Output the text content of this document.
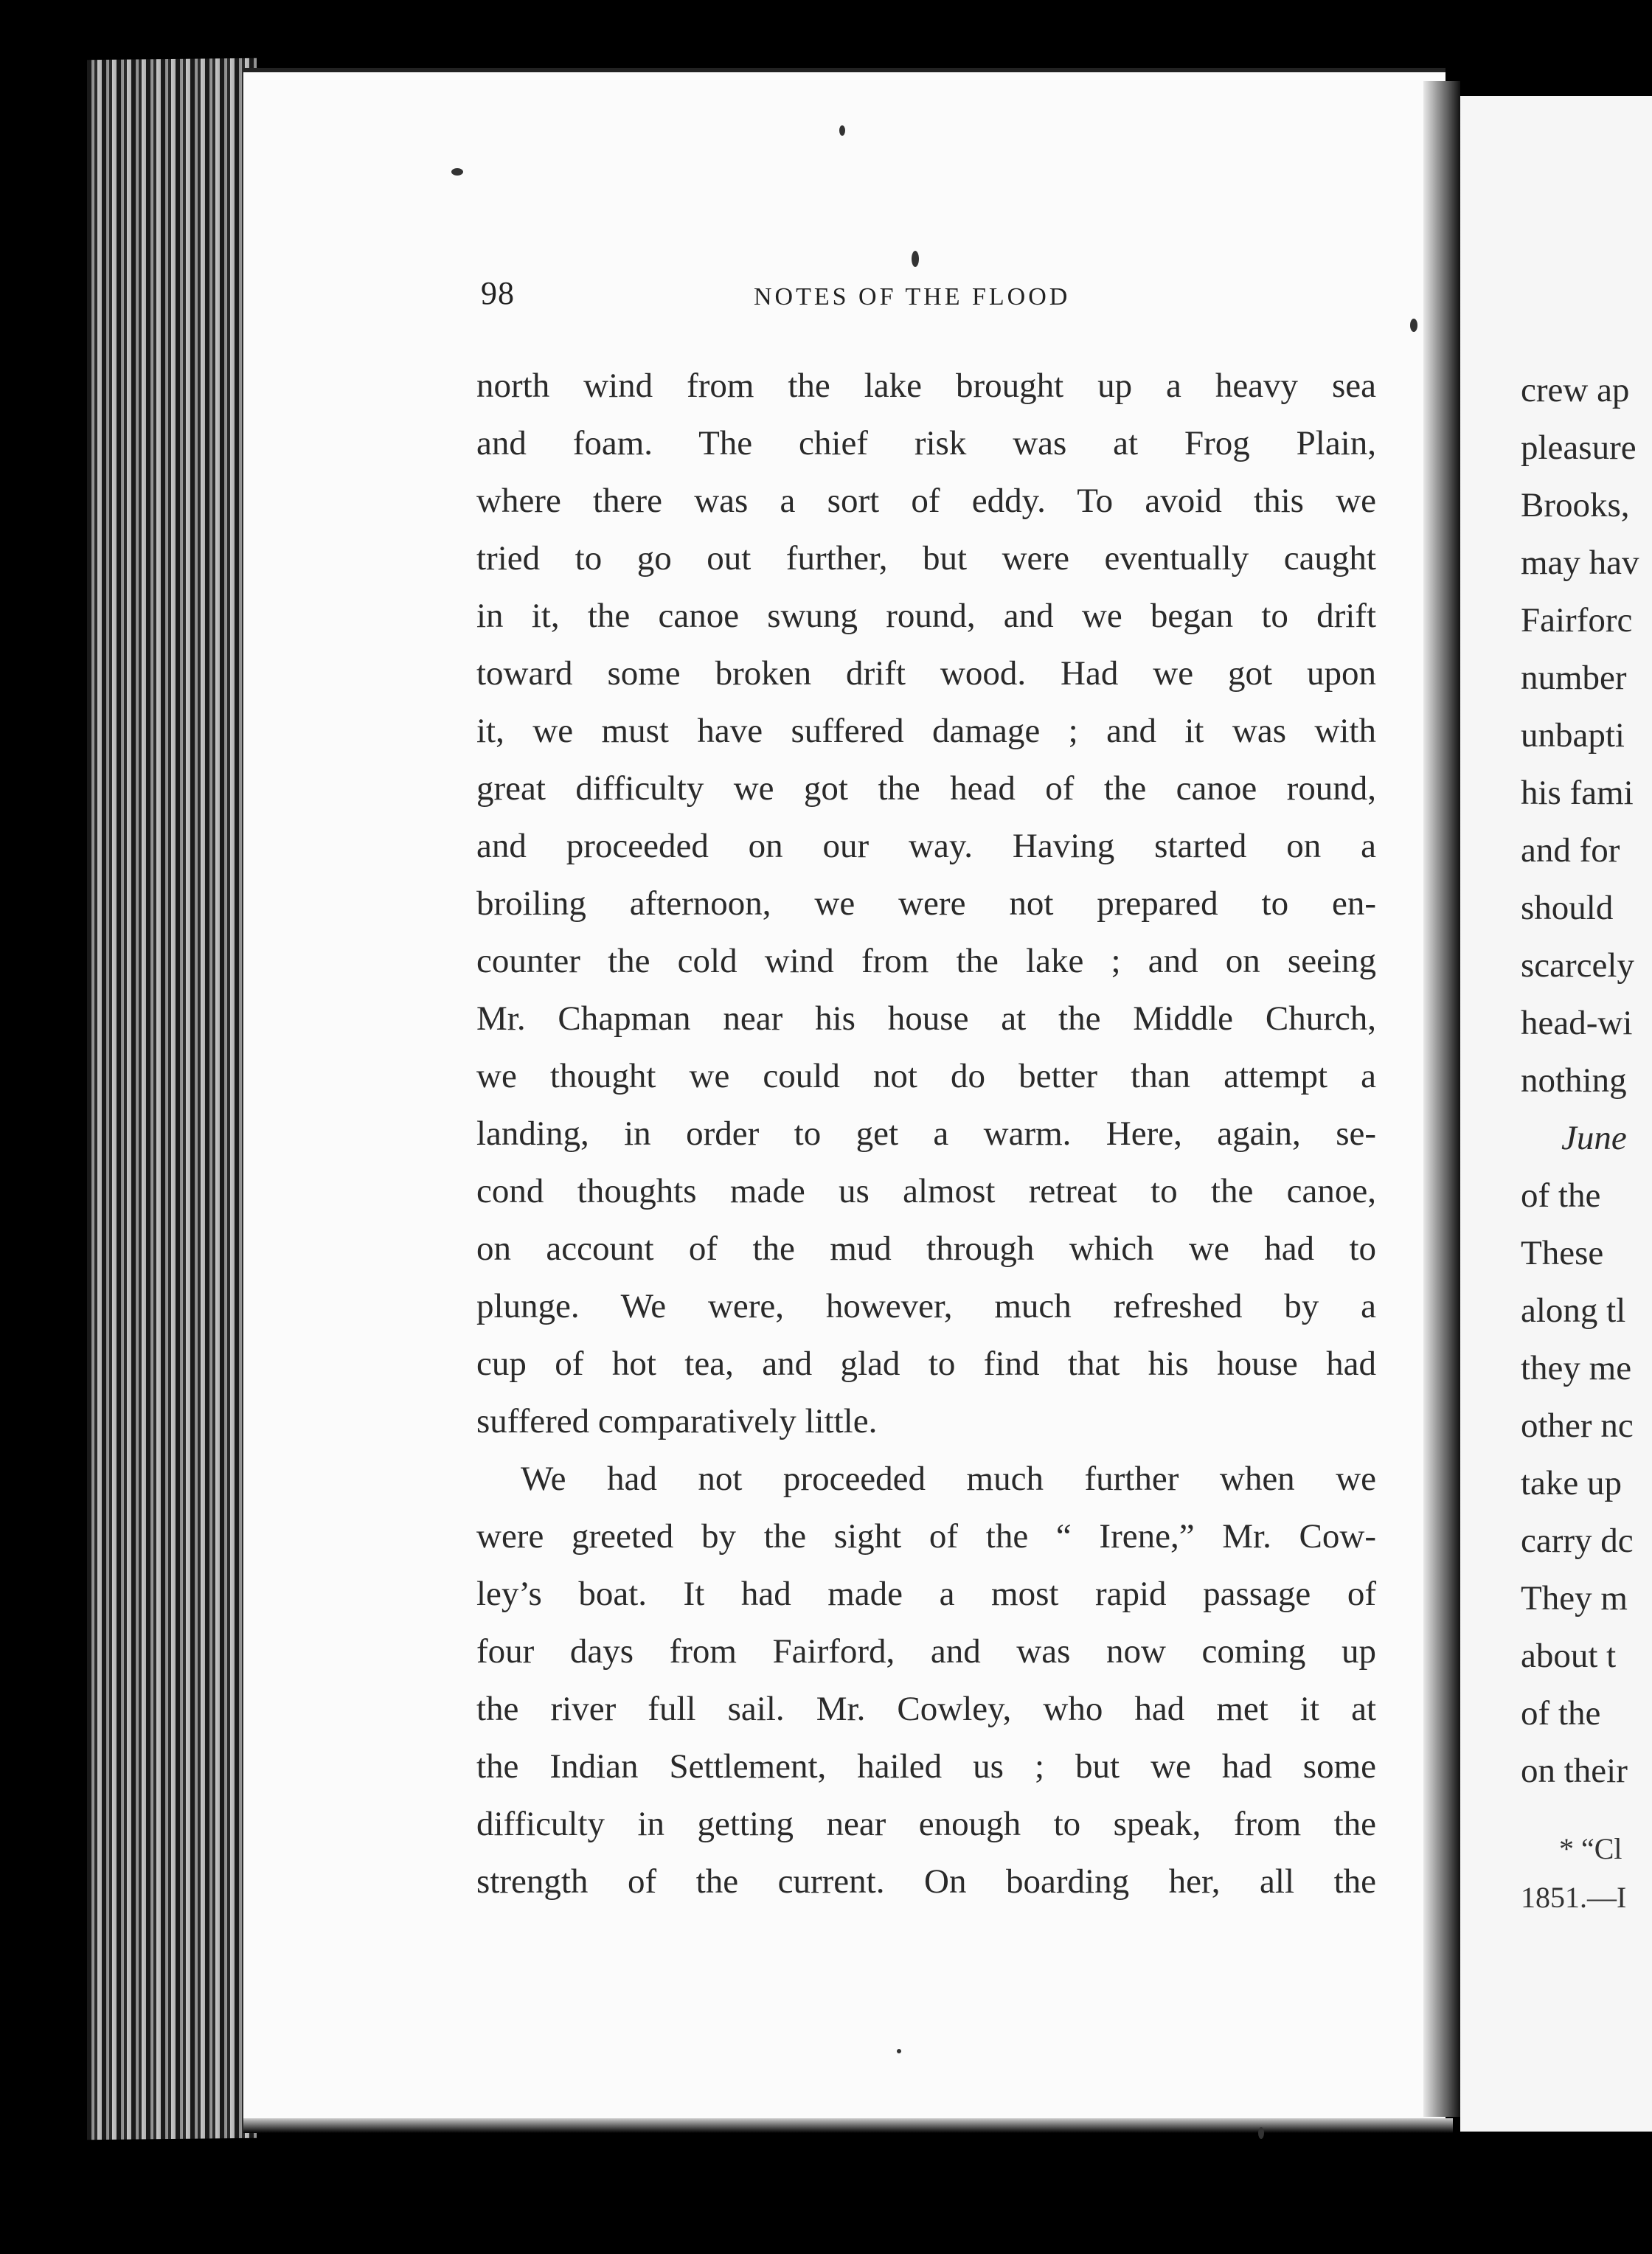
98	NOTES OF THE FLOOD
north wind from the lake brought up a heavy sea
and foam. The chief risk was at Frog Plain,
where there was a sort of eddy. To avoid this we
tried to go out further, but were eventually caught
in it, the canoe swung round, and we began to drift
toward some broken drift wood. Had we got upon
it, we must have suffered damage ; and it was with
great difficulty we got the head of the canoe round,
and proceeded on our way. Having started on a
broiling afternoon, we were not prepared to en-
counter the cold wind from the lake ; and on seeing
Mr. Chapman near his house at the Middle Church,
we thought we could not do better than attempt a
landing, in order to get a warm. Here, again, se-
cond thoughts made us almost retreat to the canoe,
on account of the mud through which we had to
plunge. We were, however, much refreshed by a
cup of hot tea, and glad to find that his house had
suffered comparatively little.
We had not proceeded much further when we
were greeted by the sight of the “ Irene,” Mr. Cow-
ley’s boat. It had made a most rapid passage of
four days from Fairford, and was now coming up
the river full sail. Mr. Cowley, who had met it at
the Indian Settlement, hailed us ; but we had some
difficulty in getting near enough to speak, from the
strength of the current. On boarding her, all the
crew ap
pleasure
Brooks,
may hav
Fairforc
number
unbapti
his fami
and for
should
scarcely
head-wi
nothing
June
of the
These
along tl
they me
other nc
take up
carry dc
They m
about t
of the
on their
* “Cl
1851.—I
